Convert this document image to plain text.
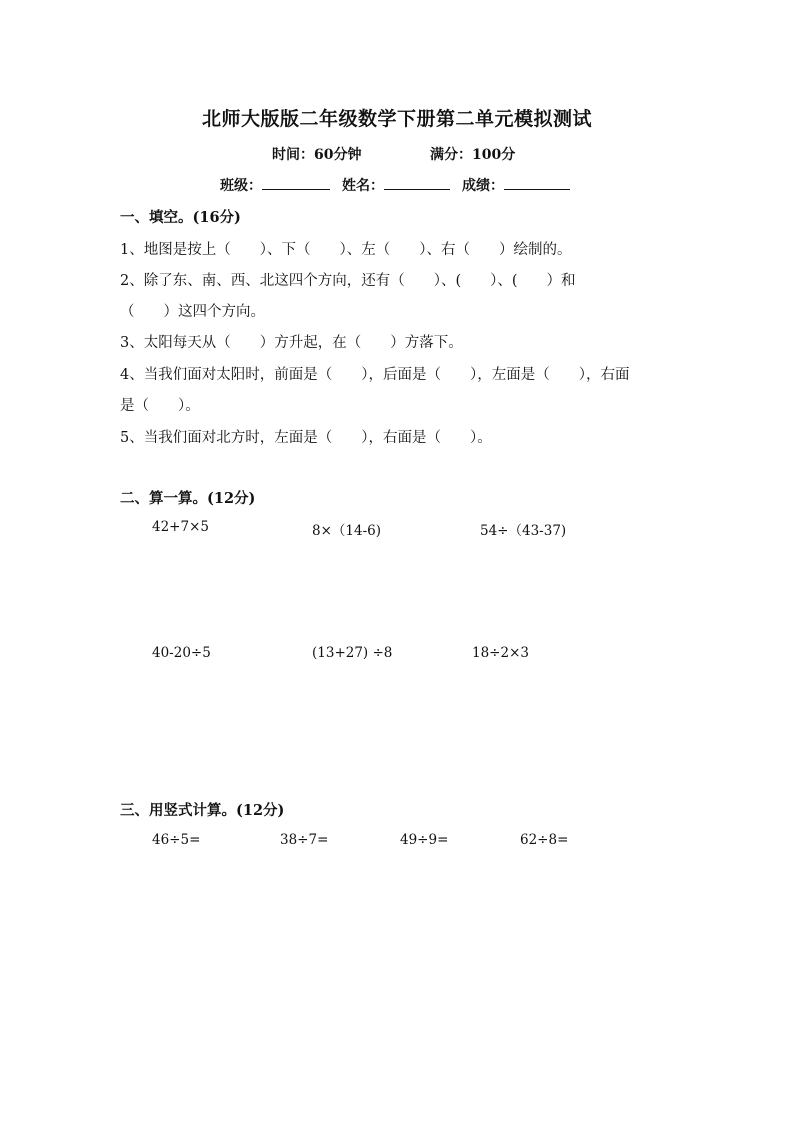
北师大版版二年级数学下册第二单元模拟测试
时间：60分钟	满分：100分
班级：	姓名：	成绩：
一、填空。(16分)
1、地图是按上（　　）、下（　　）、左（　　）、右（　　）绘制的。
2、除了东、南、西、北这四个方向，还有（　　）、(　　）、(　　）和
（　　）这四个方向。
3、太阳每天从（　　）方升起，在（　　）方落下。
4、当我们面对太阳时，前面是（　　），后面是（　　），左面是（　　），右面
是（　　）。
5、当我们面对北方时，左面是（　　），右面是（　　）。
二、算一算。(12分)
42+7×5	8×（14-6)	54÷（43-37)
40-20÷5	(13+27) ÷8	18÷2×3
三、用竖式计算。(12分)
46÷5=	38÷7=	49÷9=	62÷8=
